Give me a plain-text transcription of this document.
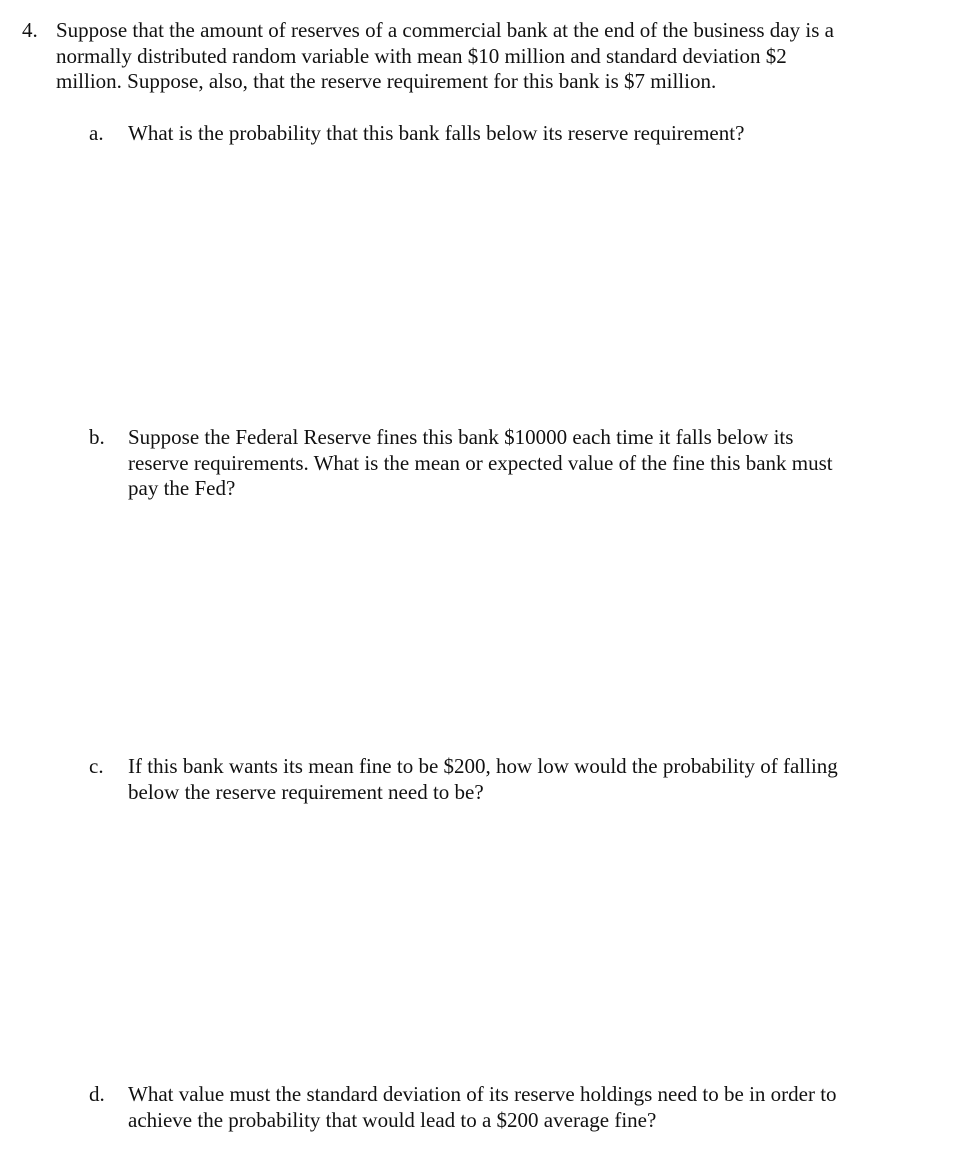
4. Suppose that the amount of reserves of a commercial bank at the end of the business day is a
normally distributed random variable with mean $10 million and standard deviation $2
million. Suppose, also, that the reserve requirement for this bank is $7 million.
a. What is the probability that this bank falls below its reserve requirement?
b. Suppose the Federal Reserve fines this bank $10000 each time it falls below its
reserve requirements. What is the mean or expected value of the fine this bank must
pay the Fed?
c. If this bank wants its mean fine to be $200, how low would the probability of falling
below the reserve requirement need to be?
d. What value must the standard deviation of its reserve holdings need to be in order to
achieve the probability that would lead to a $200 average fine?
